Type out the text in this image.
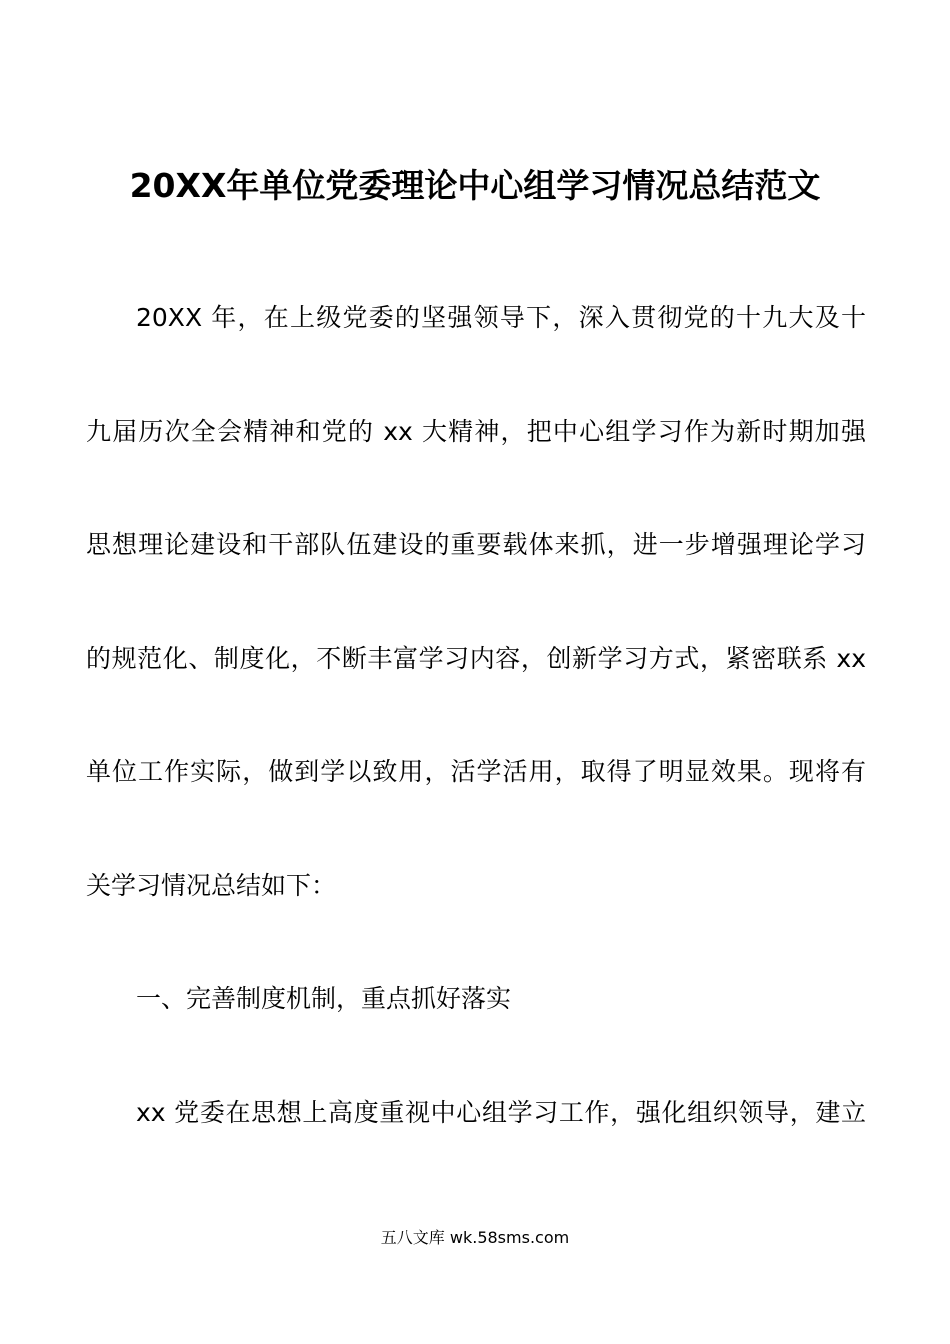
20XX年单位党委理论中心组学习情况总结范文
20XX 年，在上级党委的坚强领导下，深入贯彻党的十九大及十
九届历次全会精神和党的 xx 大精神，把中心组学习作为新时期加强
思想理论建设和干部队伍建设的重要载体来抓，进一步增强理论学习
的规范化、制度化，不断丰富学习内容，创新学习方式，紧密联系 xx
单位工作实际，做到学以致用，活学活用，取得了明显效果。现将有
关学习情况总结如下：
一、完善制度机制，重点抓好落实
xx 党委在思想上高度重视中心组学习工作，强化组织领导，建立
五八文库 wk.58sms.com
